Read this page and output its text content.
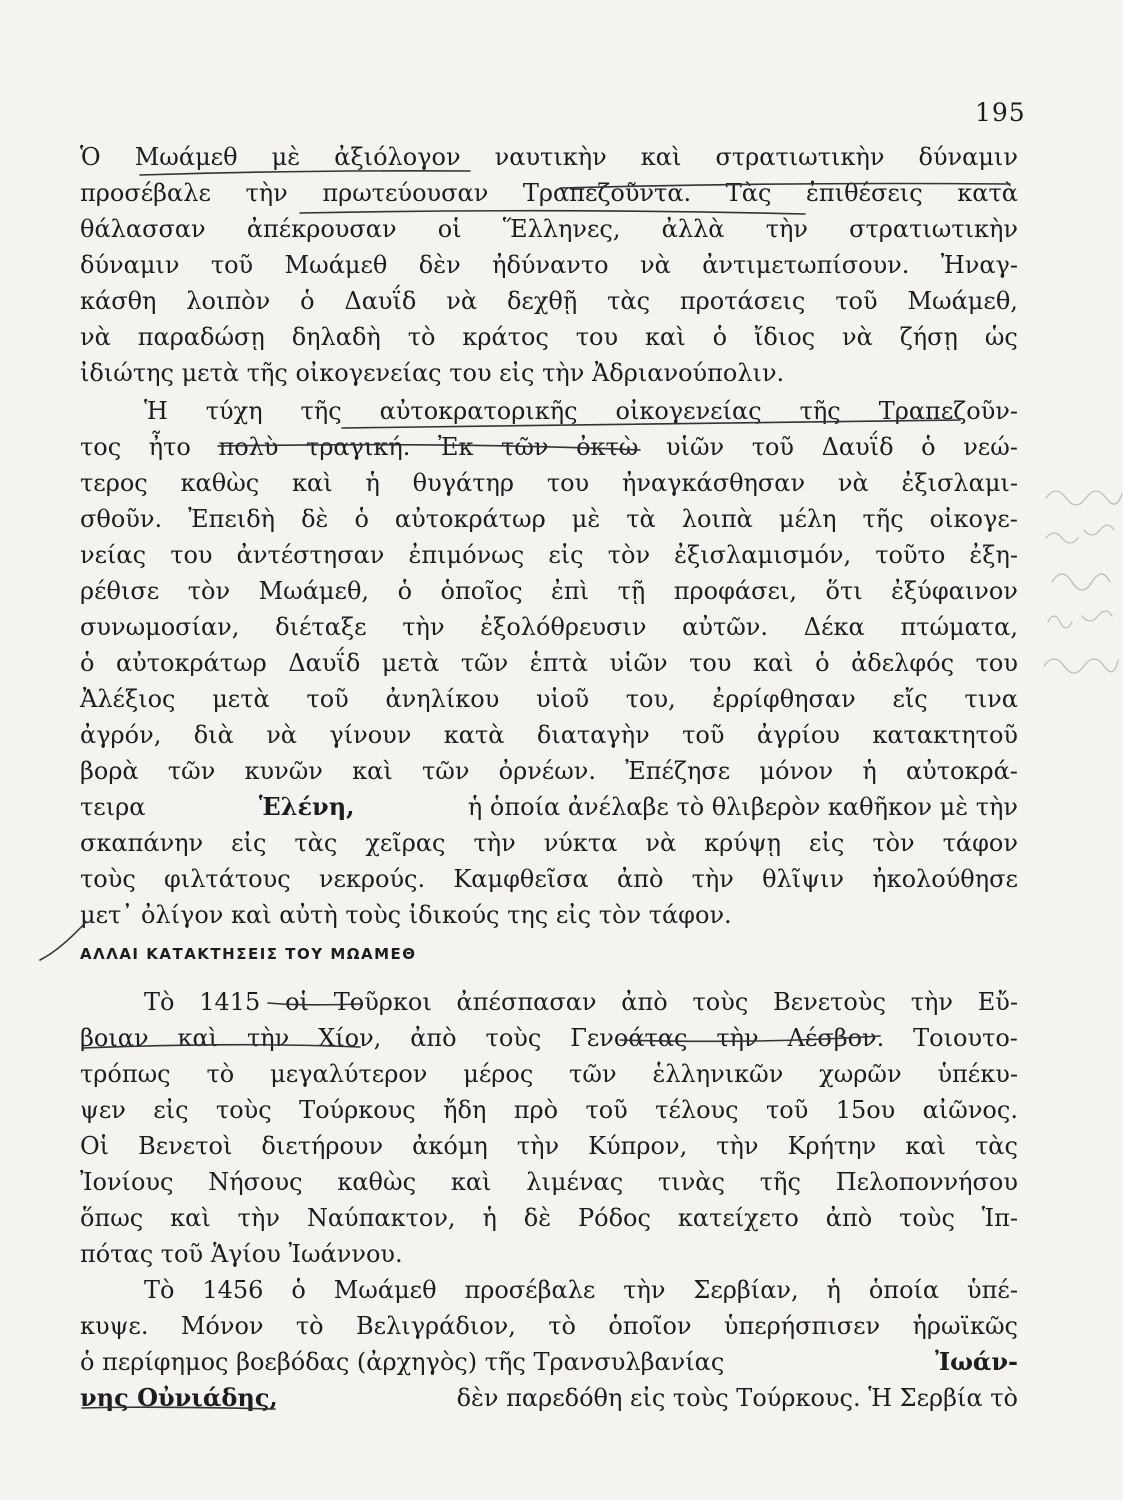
195
Ὁ Μωάμεθ μὲ ἀξιόλογον ναυτικὴν καὶ στρατιωτικὴν δύναμιν
προσέβαλε τὴν πρωτεύουσαν Τραπεζοῦντα. Τὰς ἐπιθέσεις κατὰ
θάλασσαν ἀπέκρουσαν οἱ Ἕλληνες, ἀλλὰ τὴν στρατιωτικὴν
δύναμιν τοῦ Μωάμεθ δὲν ἠδύναντο νὰ ἀντιμετωπίσουν. Ἠναγ-
κάσθη λοιπὸν ὁ Δαυΐδ νὰ δεχθῇ τὰς προτάσεις τοῦ Μωάμεθ,
νὰ παραδώσῃ δηλαδὴ τὸ κράτος του καὶ ὁ ἴδιος νὰ ζήσῃ ὡς
ἰδιώτης μετὰ τῆς οἰκογενείας του εἰς τὴν Ἀδριανούπολιν.
Ἡ τύχη τῆς αὐτοκρατορικῆς οἰκογενείας τῆς Τραπεζοῦν-
τος ἦτο πολὺ τραγική. Ἐκ τῶν ὀκτὼ υἱῶν τοῦ Δαυΐδ ὁ νεώ-
τερος καθὼς καὶ ἡ θυγάτηρ του ἠναγκάσθησαν νὰ ἐξισλαμι-
σθοῦν. Ἐπειδὴ δὲ ὁ αὐτοκράτωρ μὲ τὰ λοιπὰ μέλη τῆς οἰκογε-
νείας του ἀντέστησαν ἐπιμόνως εἰς τὸν ἐξισλαμισμόν, τοῦτο ἐξη-
ρέθισε τὸν Μωάμεθ, ὁ ὁποῖος ἐπὶ τῇ προφάσει, ὅτι ἐξύφαινον
συνωμοσίαν, διέταξε τὴν ἐξολόθρευσιν αὐτῶν. Δέκα πτώματα,
ὁ αὐτοκράτωρ Δαυΐδ μετὰ τῶν ἑπτὰ υἱῶν του καὶ ὁ ἀδελφός του
Ἀλέξιος μετὰ τοῦ ἀνηλίκου υἱοῦ του, ἐρρίφθησαν εἴς τινα
ἀγρόν, διὰ νὰ γίνουν κατὰ διαταγὴν τοῦ ἀγρίου κατακτητοῦ
βορὰ τῶν κυνῶν καὶ τῶν ὀρνέων. Ἐπέζησε μόνον ἡ αὐτοκρά-
τειρα	Ἑλένη,	ἡ ὁποία ἀνέλαβε τὸ θλιβερὸν καθῆκον μὲ τὴν
σκαπάνην εἰς τὰς χεῖρας τὴν νύκτα νὰ κρύψῃ εἰς τὸν τάφον
τοὺς φιλτάτους νεκρούς. Καμφθεῖσα ἀπὸ τὴν θλῖψιν ἠκολούθησε
μετ᾽ ὀλίγον καὶ αὐτὴ τοὺς ἰδικούς της εἰς τὸν τάφον.
ΑΛΛΑΙ ΚΑΤΑΚΤΗΣΕΙΣ ΤΟΥ ΜΩΑΜΕΘ
Τὸ 1415 οἱ Τοῦρκοι ἀπέσπασαν ἀπὸ τοὺς Βενετοὺς τὴν Εὔ-
βοιαν καὶ τὴν Χίον, ἀπὸ τοὺς Γενοάτας τὴν Λέσβον. Τοιουτο-
τρόπως τὸ μεγαλύτερον μέρος τῶν ἑλληνικῶν χωρῶν ὑπέκυ-
ψεν εἰς τοὺς Τούρκους ἤδη πρὸ τοῦ τέλους τοῦ 15ου αἰῶνος.
Οἱ Βενετοὶ διετήρουν ἀκόμη τὴν Κύπρον, τὴν Κρήτην καὶ τὰς
Ἰονίους Νήσους καθὼς καὶ λιμένας τινὰς τῆς Πελοποννήσου
ὅπως καὶ τὴν Ναύπακτον, ἡ δὲ Ρόδος κατείχετο ἀπὸ τοὺς Ἱπ-
πότας τοῦ Ἁγίου Ἰωάννου.
Τὸ 1456 ὁ Μωάμεθ προσέβαλε τὴν Σερβίαν, ἡ ὁποία ὑπέ-
κυψε. Μόνον τὸ Βελιγράδιον, τὸ ὁποῖον ὑπερήσπισεν ἡρωϊκῶς
ὁ περίφημος βοεβόδας (ἀρχηγὸς) τῆς Τρανσυλβανίας	Ἰωάν-
νης Οὐνιάδης,	δὲν παρεδόθη εἰς τοὺς Τούρκους. Ἡ Σερβία τὸ
